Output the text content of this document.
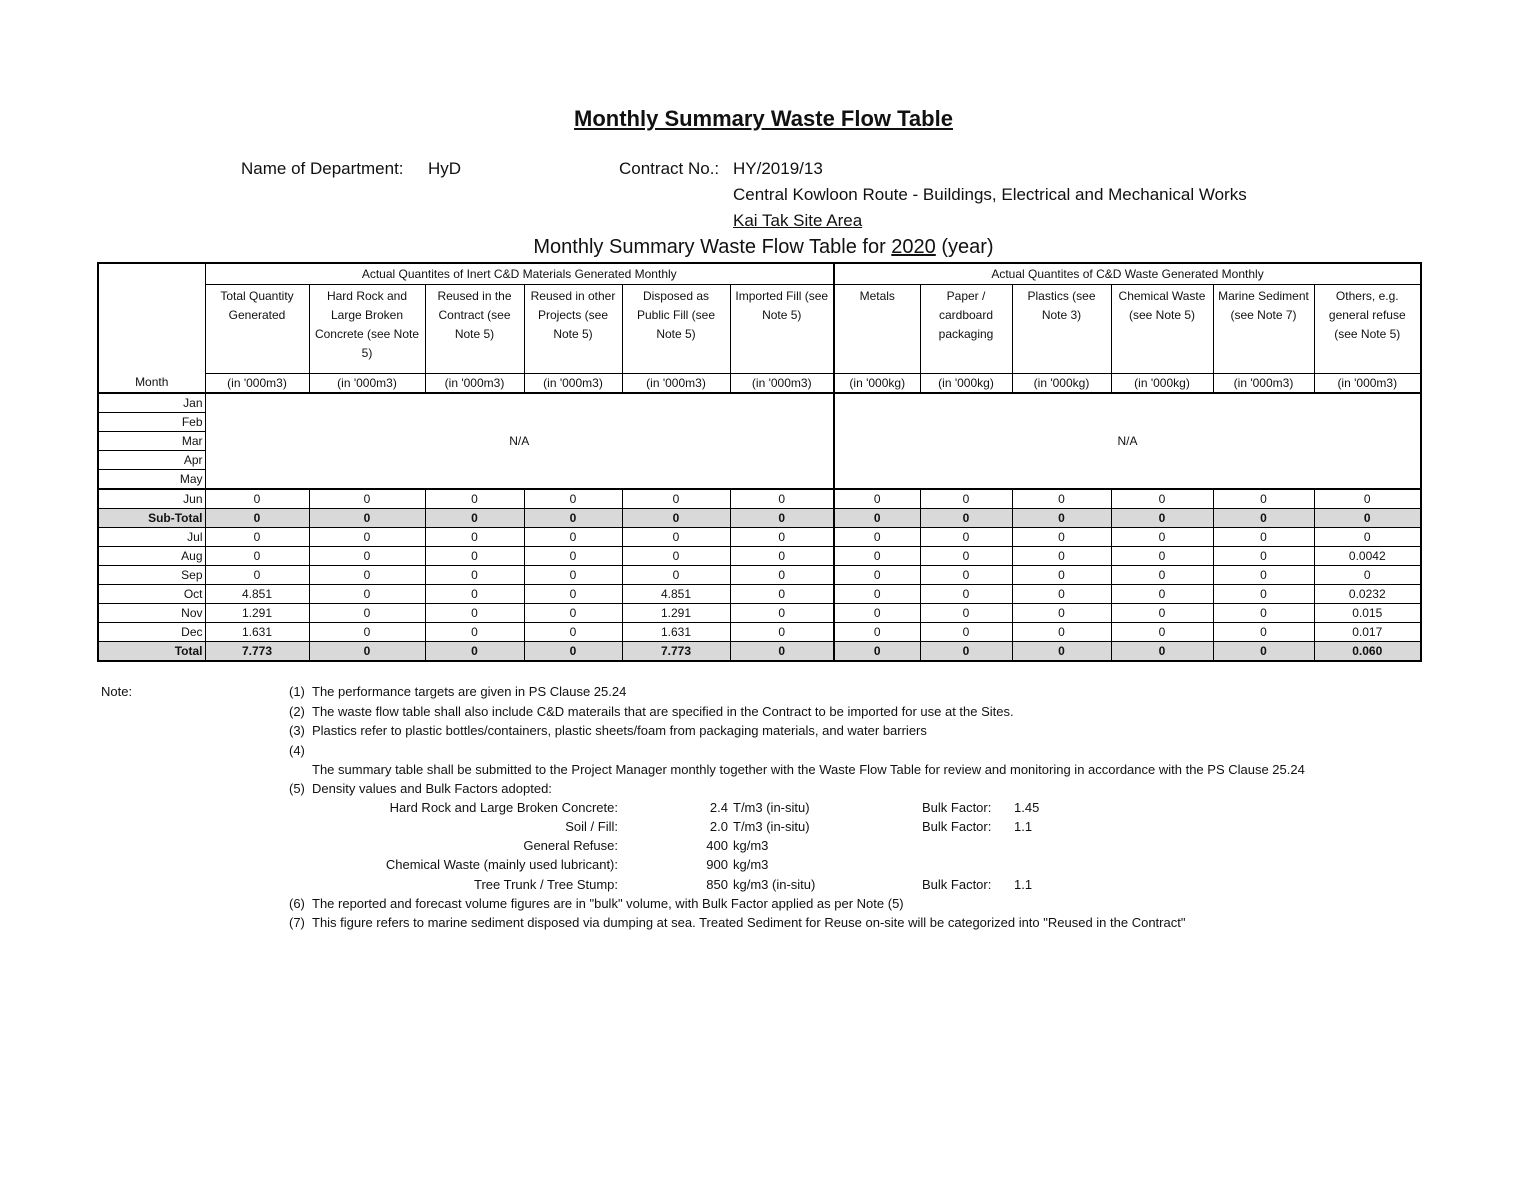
Monthly Summary Waste Flow Table
Name of Department: HyD	Contract No.: HY/2019/13
Central Kowloon Route - Buildings, Electrical and Mechanical Works
Kai Tak Site Area
Monthly Summary Waste Flow Table for 2020 (year)
Month	Actual Quantites of Inert C&D Materials Generated Monthly						Actual Quantites of C&D Waste Generated Monthly					
	Total Quantity Generated	Hard Rock and Large Broken Concrete (see Note 5)	Reused in the Contract (see Note 5)	Reused in other Projects (see Note 5)	Disposed as Public Fill (see Note 5)	Imported Fill (see Note 5)	Metals	Paper / cardboard packaging	Plastics (see Note 3)	Chemical Waste (see Note 5)	Marine Sediment (see Note 7)	Others, e.g. general refuse (see Note 5)
	(in '000m3)	(in '000m3)	(in '000m3)	(in '000m3)	(in '000m3)	(in '000m3)	(in '000kg)	(in '000kg)	(in '000kg)	(in '000kg)	(in '000m3)	(in '000m3)
Jan	N/A						N/A					
Feb												
Mar												
Apr												
May												
Jun	0	0	0	0	0	0	0	0	0	0	0	0
Sub-Total	0	0	0	0	0	0	0	0	0	0	0	0
Jul	0	0	0	0	0	0	0	0	0	0	0	0
Aug	0	0	0	0	0	0	0	0	0	0	0	0.0042
Sep	0	0	0	0	0	0	0	0	0	0	0	0
Oct	4.851	0	0	0	4.851	0	0	0	0	0	0	0.0232
Nov	1.291	0	0	0	1.291	0	0	0	0	0	0	0.015
Dec	1.631	0	0	0	1.631	0	0	0	0	0	0	0.017
Total	7.773	0	0	0	7.773	0	0	0	0	0	0	0.060
Note:	(1) The performance targets are given in PS Clause 25.24
(2) The waste flow table shall also include C&D materails that are specified in the Contract to be imported for use at the Sites.
(3) Plastics refer to plastic bottles/containers, plastic sheets/foam from packaging materials, and water barriers
(4)
The summary table shall be submitted to the Project Manager monthly together with the Waste Flow Table for review and monitoring in accordance with the PS Clause 25.24
(5) Density values and Bulk Factors adopted:
(6) The reported and forecast volume figures are in "bulk" volume, with Bulk Factor applied as per Note (5)
(7) This figure refers to marine sediment disposed via dumping at sea. Treated Sediment for Reuse on-site will be categorized into "Reused in the Contract"
Hard Rock and Large Broken Concrete:	2.4 T/m3 (in-situ)	Bulk Factor: 1.45
Soil / Fill:	2.0 T/m3 (in-situ)	Bulk Factor: 1.1
General Refuse:	400 kg/m3
Chemical Waste (mainly used lubricant):	900 kg/m3
Tree Trunk / Tree Stump:	850 kg/m3 (in-situ)	Bulk Factor: 1.1
